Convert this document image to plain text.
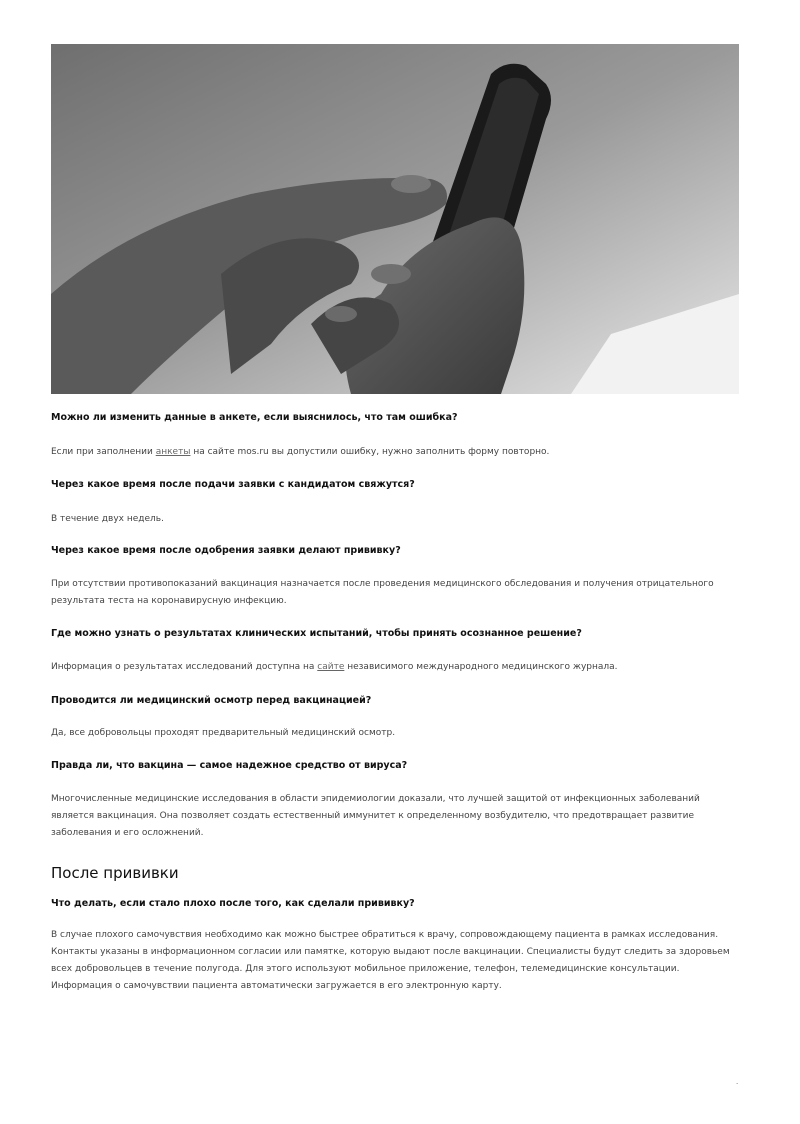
Можно ли изменить данные в анкете, если выяснилось, что там ошибка?

Если при заполнении анкеты на сайте mos.ru вы допустили ошибку, нужно заполнить форму повторно.

Через какое время после подачи заявки с кандидатом свяжутся?

В течение двух недель.

Через какое время после одобрения заявки делают прививку?

При отсутствии противопоказаний вакцинация назначается после проведения медицинского обследования и получения отрицательного результата теста на коронавирусную инфекцию.

Где можно узнать о результатах клинических испытаний, чтобы принять осознанное решение?

Информация о результатах исследований доступна на сайте независимого международного медицинского журнала.

Проводится ли медицинский осмотр перед вакцинацией?

Да, все добровольцы проходят предварительный медицинский осмотр.

Правда ли, что вакцина — самое надежное средство от вируса?

Многочисленные медицинские исследования в области эпидемиологии доказали, что лучшей защитой от инфекционных заболеваний является вакцинация. Она позволяет создать естественный иммунитет к определенному возбудителю, что предотвращает развитие заболевания и его осложнений.

После прививки

Что делать, если стало плохо после того, как сделали прививку?

В случае плохого самочувствия необходимо как можно быстрее обратиться к врачу, сопровождающему пациента в рамках исследования. Контакты указаны в информационном согласии или памятке, которую выдают после вакцинации. Специалисты будут следить за здоровьем всех добровольцев в течение полугода. Для этого используют мобильное приложение, телефон, телемедицинские консультации. Информация о самочувствии пациента автоматически загружается в его электронную карту.

·
